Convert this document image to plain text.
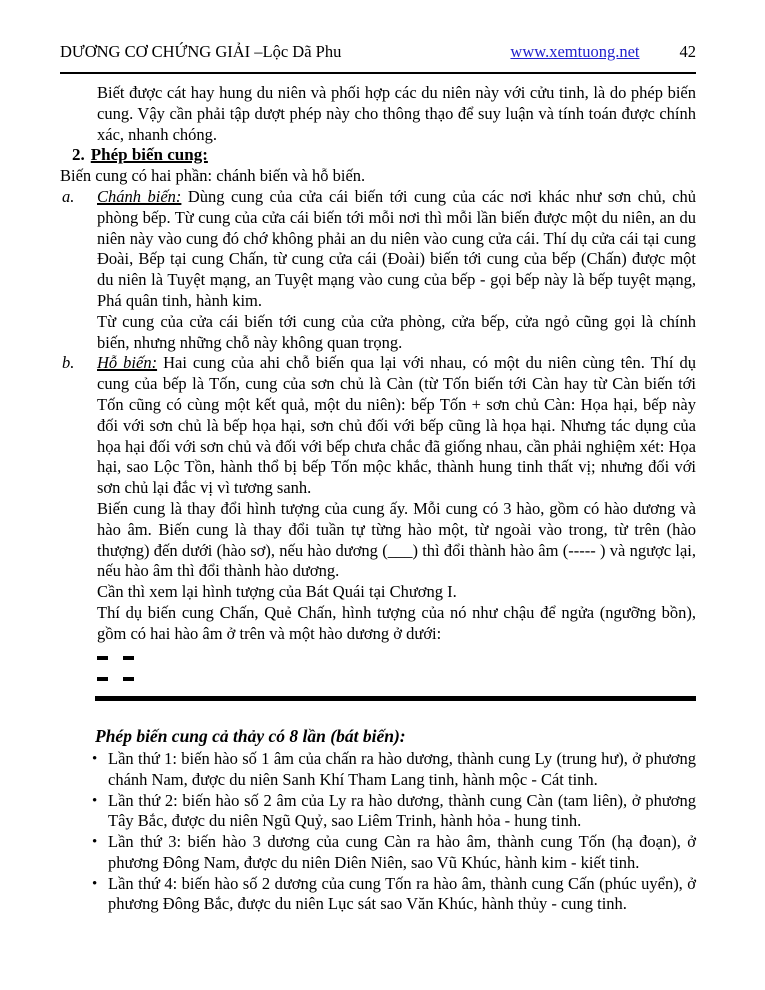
DƯƠNG CƠ CHỨNG GIẢI –Lộc Dã Phu	www.xemtuong.net 42

Biết được cát hay hung du niên và phối hợp các du niên này với cửu tinh, là do phép biến cung. Vậy cần phải tập dượt phép này cho thông thạo để suy luận và tính toán được chính xác, nhanh chóng.

2. Phép biến cung:

Biến cung có hai phần: chánh biến và hỗ biến.

a. Chánh biến: Dùng cung của cửa cái biến tới cung của các nơi khác như sơn chủ, chủ phòng bếp. Từ cung của cửa cái biến tới mỗi nơi thì mỗi lần biến được một du niên, an du niên này vào cung đó chớ không phải an du niên vào cung cửa cái. Thí dụ cửa cái tại cung Đoài, Bếp tại cung Chấn, từ cung cửa cái (Đoài) biến tới cung của bếp (Chấn) được một du niên là Tuyệt mạng, an Tuyệt mạng vào cung của bếp - gọi bếp này là bếp tuyệt mạng, Phá quân tinh, hành kim.

Từ cung của cửa cái biến tới cung của cửa phòng, cửa bếp, cửa ngỏ cũng gọi là chính biến, nhưng những chỗ này không quan trọng.

b. Hỗ biến: Hai cung của ahi chỗ biến qua lại với nhau, có một du niên cùng tên. Thí dụ cung của bếp là Tốn, cung của sơn chủ là Càn (từ Tốn biến tới Càn hay từ Càn biến tới Tốn cũng có cùng một kết quả, một du niên): bếp Tốn + sơn chủ Càn: Họa hại, bếp này đối với sơn chủ là bếp họa hại, sơn chủ đối với bếp cũng là họa hại. Nhưng tác dụng của họa hại đối với sơn chủ và đối với bếp chưa chắc đã giống nhau, cần phải nghiệm xét: Họa hại, sao Lộc Tồn, hành thổ bị bếp Tốn mộc khắc, thành hung tinh thất vị; nhưng đối với sơn chủ lại đắc vị vì tương sanh.

Biến cung là thay đổi hình tượng của cung ấy. Mỗi cung có 3 hào, gồm có hào dương và hào âm. Biến cung là thay đổi tuần tự từng hào một, từ ngoài vào trong, từ trên (hào thượng) đến dưới (hào sơ), nếu hào dương (___) thì đổi thành hào âm (----- ) và ngược lại, nếu hào âm thì đổi thành hào dương.

Cần thì xem lại hình tượng của Bát Quái tại Chương I.

Thí dụ biến cung Chấn, Quẻ Chấn, hình tượng của nó như chậu để ngửa (ngưỡng bồn), gồm có hai hào âm ở trên và một hào dương ở dưới:

Phép biến cung cả thảy có 8 lần (bát biến):
• Lần thứ 1: biến hào số 1 âm của chấn ra hào dương, thành cung Ly (trung hư), ở phương chánh Nam, được du niên Sanh Khí Tham Lang tinh, hành mộc - Cát tinh.

• Lần thứ 2: biến hào số 2 âm của Ly ra hào dương, thành cung Càn (tam liên), ở phương Tây Bắc, được du niên Ngũ Quỷ, sao Liêm Trinh, hành hỏa - hung tinh.

• Lần thứ 3: biến hào 3 dương của cung Càn ra hào âm, thành cung Tốn (hạ đoạn), ở phương Đông Nam, được du niên Diên Niên, sao Vũ Khúc, hành kim - kiết tinh.

• Lần thứ 4: biến hào số 2 dương của cung Tốn ra hào âm, thành cung Cấn (phúc uyển), ở phương Đông Bắc, được du niên Lục sát sao Văn Khúc, hành thủy - cung tinh.
